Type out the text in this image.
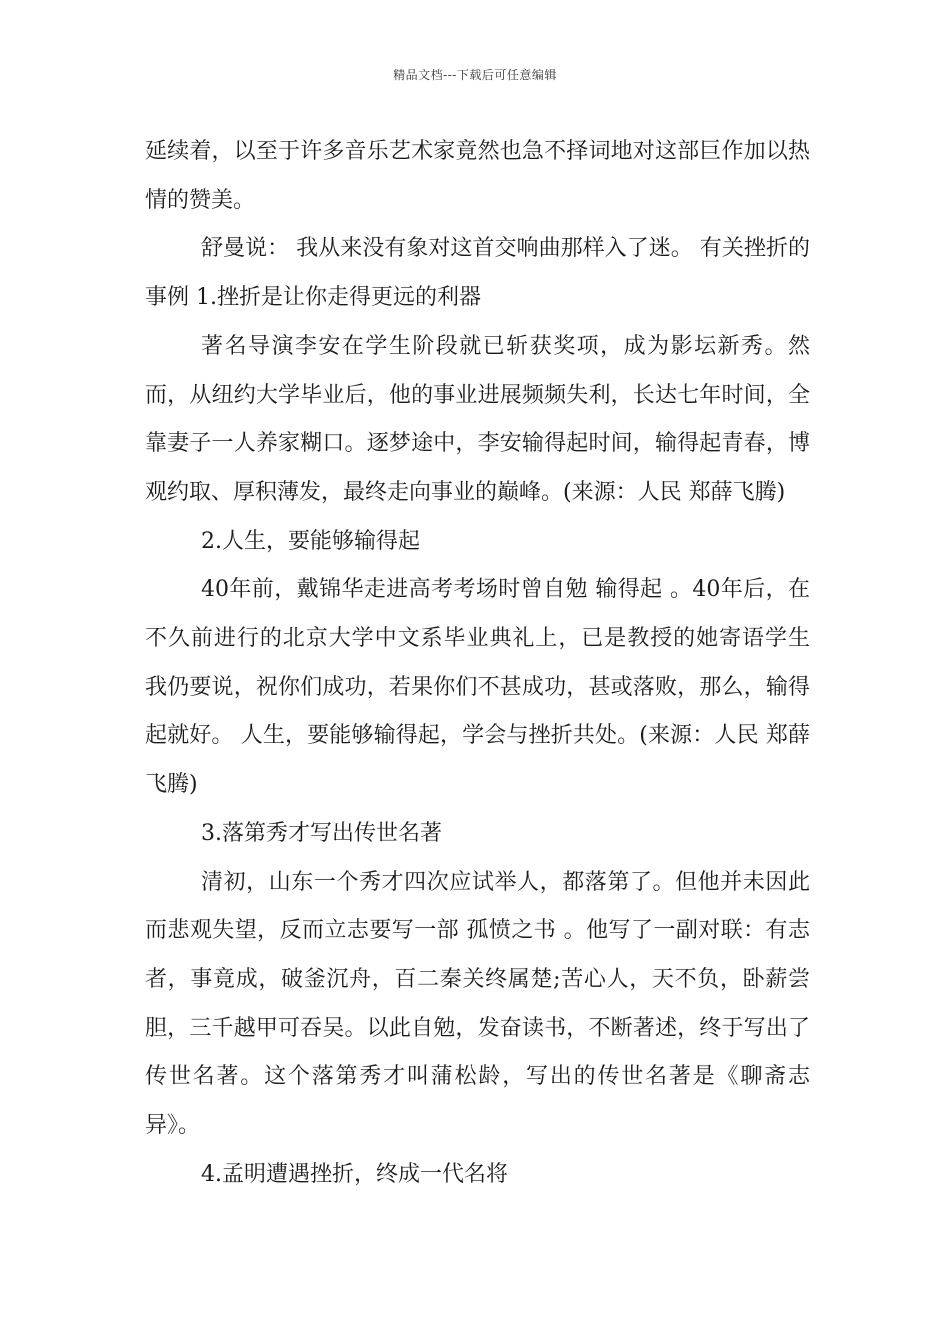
精品文档---下载后可任意编辑

延续着，以至于许多音乐艺术家竟然也急不择词地对这部巨作加以热情的赞美。

舒曼说： 我从来没有象对这首交响曲那样入了迷。 有关挫折的事例 1.挫折是让你走得更远的利器

著名导演李安在学生阶段就已斩获奖项，成为影坛新秀。然而，从纽约大学毕业后，他的事业进展频频失利，长达七年时间，全靠妻子一人养家糊口。逐梦途中，李安输得起时间，输得起青春，博观约取、厚积薄发，最终走向事业的巅峰。(来源：人民 郑薛飞腾)

2.人生，要能够输得起

40年前，戴锦华走进高考考场时曾自勉 输得起 。40年后，在不久前进行的北京大学中文系毕业典礼上，已是教授的她寄语学生 我仍要说，祝你们成功，若果你们不甚成功，甚或落败，那么，输得起就好。 人生，要能够输得起，学会与挫折共处。(来源：人民 郑薛飞腾)

3.落第秀才写出传世名著

清初，山东一个秀才四次应试举人，都落第了。但他并未因此而悲观失望，反而立志要写一部 孤愤之书 。他写了一副对联：有志者，事竟成，破釜沉舟，百二秦关终属楚;苦心人，天不负，卧薪尝胆，三千越甲可吞吴。以此自勉，发奋读书，不断著述，终于写出了传世名著。这个落第秀才叫蒲松龄，写出的传世名著是《聊斋志异》。

4.孟明遭遇挫折，终成一代名将
